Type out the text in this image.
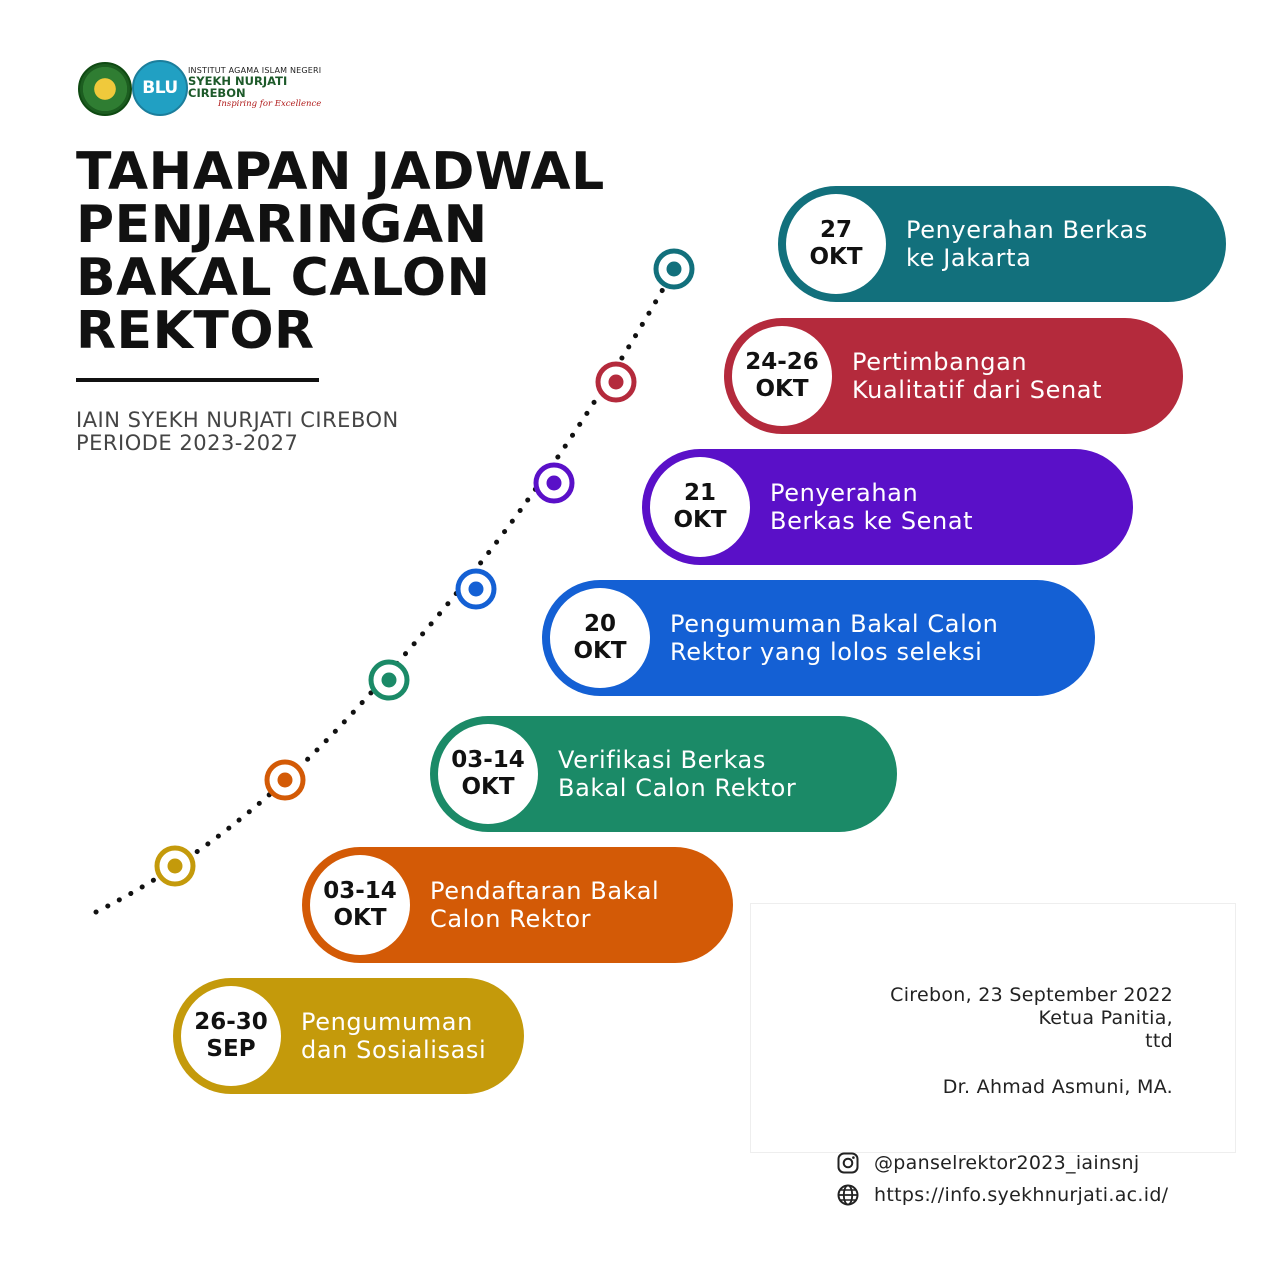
BLU
INSTITUT AGAMA ISLAM NEGERI
SYEKH NURJATI CIREBON
Inspiring for Excellence
TAHAPAN JADWAL
PENJARINGAN
BAKAL CALON
REKTOR

IAIN SYEKH NURJATI CIREBON
PERIODE 2023-2027

26-30
SEP
Pengumuman
dan Sosialisasi
03-14
OKT
Pendaftaran Bakal
Calon Rektor
03-14
OKT
Verifikasi Berkas
Bakal Calon Rektor
20
OKT
Pengumuman Bakal Calon
Rektor yang lolos seleksi
21
OKT
Penyerahan
Berkas ke Senat
24-26
OKT
Pertimbangan
Kualitatif dari Senat
27
OKT
Penyerahan Berkas
ke Jakarta
Cirebon, 23 September 2022
Ketua Panitia,
ttd
Dr. Ahmad Asmuni, MA.
@panselrektor2023_iainsnj
https://info.syekhnurjati.ac.id/
